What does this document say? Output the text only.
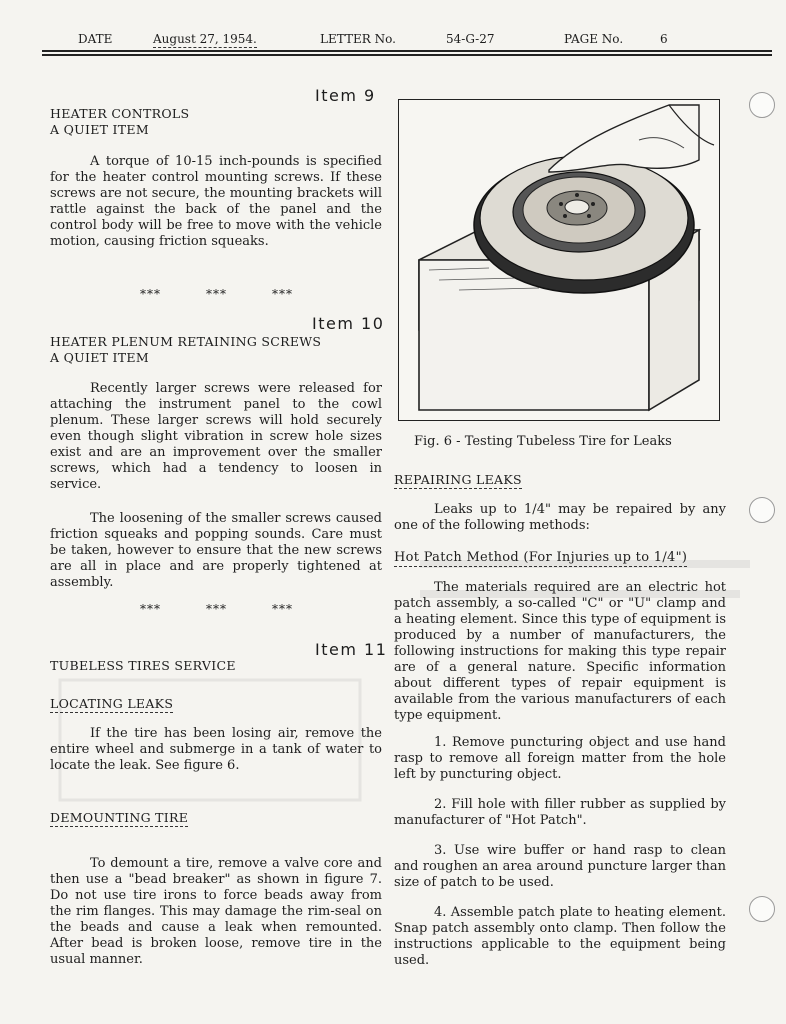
DATE	August 27, 1954.	LETTER No.	54-G-27	PAGE No.	6
Item 9
HEATER CONTROLS
A QUIET ITEM
A torque of 10-15 inch-pounds is specified for the heater control mounting screws. If these screws are not secure, the mounting brackets will rattle against the back of the panel and the control body will be free to move with the vehicle motion, causing friction squeaks.
***	***	***
Item 10
HEATER PLENUM RETAINING SCREWS
A QUIET ITEM
Recently larger screws were released for attaching the instrument panel to the cowl plenum. These larger screws will hold securely even though slight vibration in screw hole sizes exist and are an improvement over the smaller screws, which had a tendency to loosen in service.
The loosening of the smaller screws caused friction squeaks and popping sounds. Care must be taken, however to ensure that the new screws are all in place and are properly tightened at assembly.
***	***	***
Item 11
TUBELESS TIRES SERVICE
LOCATING LEAKS
If the tire has been losing air, remove the entire wheel and submerge in a tank of water to locate the leak. See figure 6.
DEMOUNTING TIRE
To demount a tire, remove a valve core and then use a "bead breaker" as shown in figure 7. Do not use tire irons to force beads away from the rim flanges. This may damage the rim-seal on the beads and cause a leak when remounted. After bead is broken loose, remove tire in the usual manner.
Fig. 6 - Testing Tubeless Tire for Leaks
REPAIRING LEAKS
Leaks up to 1/4" may be repaired by any one of the following methods:
Hot Patch Method (For Injuries up to 1/4")
The materials required are an electric hot patch assembly, a so-called "C" or "U" clamp and a heating element. Since this type of equipment is produced by a number of manufacturers, the following instructions for making this type repair are of a general nature. Specific information about different types of repair equipment is available from the various manufacturers of each type equipment.
1. Remove puncturing object and use hand rasp to remove all foreign matter from the hole left by puncturing object.
2. Fill hole with filler rubber as supplied by manufacturer of "Hot Patch".
3. Use wire buffer or hand rasp to clean and roughen an area around puncture larger than size of patch to be used.
4. Assemble patch plate to heating element. Snap patch assembly onto clamp. Then follow the instructions applicable to the equipment being used.
